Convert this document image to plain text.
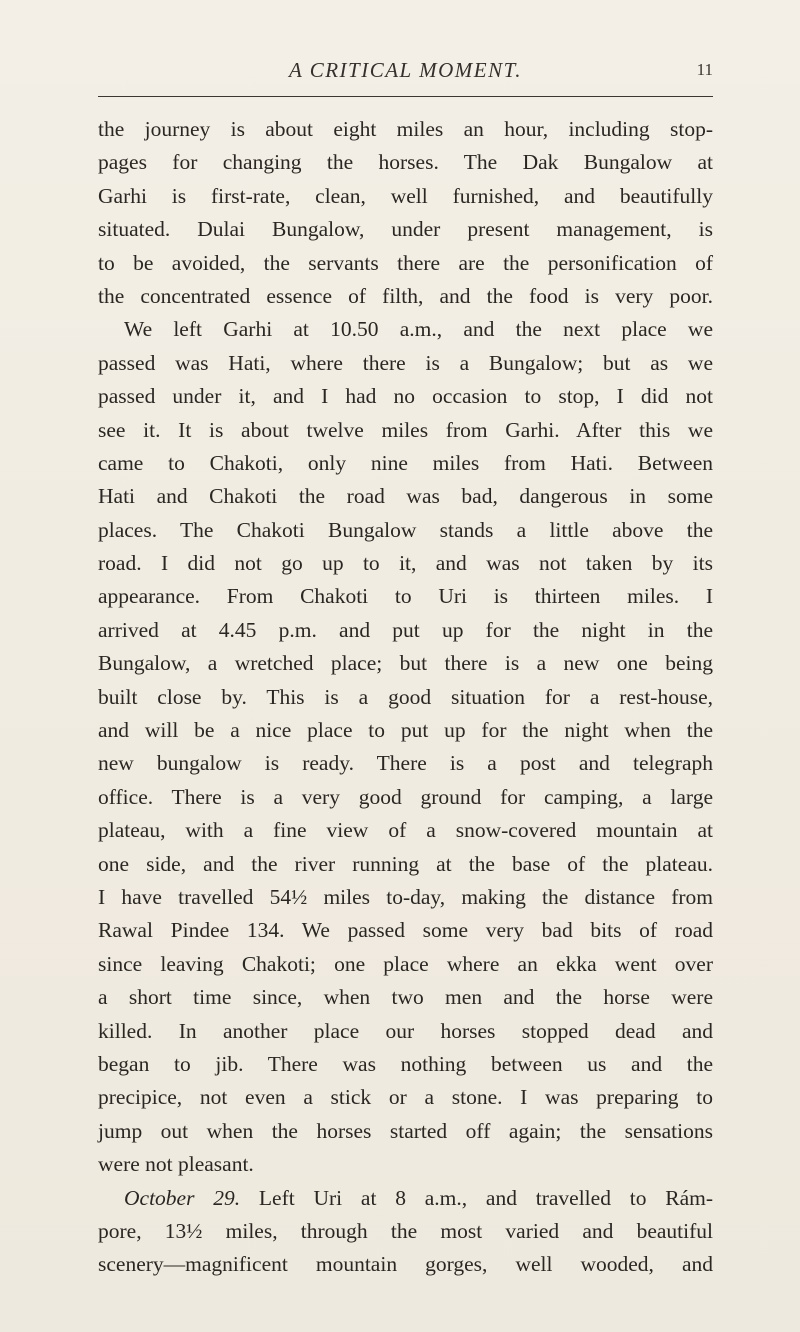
A CRITICAL MOMENT.	11
the journey is about eight miles an hour, including stop-
pages for changing the horses. The Dak Bungalow at
Garhi is first-rate, clean, well furnished, and beautifully
situated. Dulai Bungalow, under present management, is
to be avoided, the servants there are the personification of
the concentrated essence of filth, and the food is very poor.
We left Garhi at 10.50 a.m., and the next place we
passed was Hati, where there is a Bungalow; but as we
passed under it, and I had no occasion to stop, I did not
see it. It is about twelve miles from Garhi. After this we
came to Chakoti, only nine miles from Hati. Between
Hati and Chakoti the road was bad, dangerous in some
places. The Chakoti Bungalow stands a little above the
road. I did not go up to it, and was not taken by its
appearance. From Chakoti to Uri is thirteen miles. I
arrived at 4.45 p.m. and put up for the night in the
Bungalow, a wretched place; but there is a new one being
built close by. This is a good situation for a rest-house,
and will be a nice place to put up for the night when the
new bungalow is ready. There is a post and telegraph
office. There is a very good ground for camping, a large
plateau, with a fine view of a snow-covered mountain at
one side, and the river running at the base of the plateau.
I have travelled 54½ miles to-day, making the distance from
Rawal Pindee 134. We passed some very bad bits of road
since leaving Chakoti; one place where an ekka went over
a short time since, when two men and the horse were
killed. In another place our horses stopped dead and
began to jib. There was nothing between us and the
precipice, not even a stick or a stone. I was preparing to
jump out when the horses started off again; the sensations
were not pleasant.
October 29. Left Uri at 8 a.m., and travelled to Rám-
pore, 13½ miles, through the most varied and beautiful
scenery—magnificent mountain gorges, well wooded, and
